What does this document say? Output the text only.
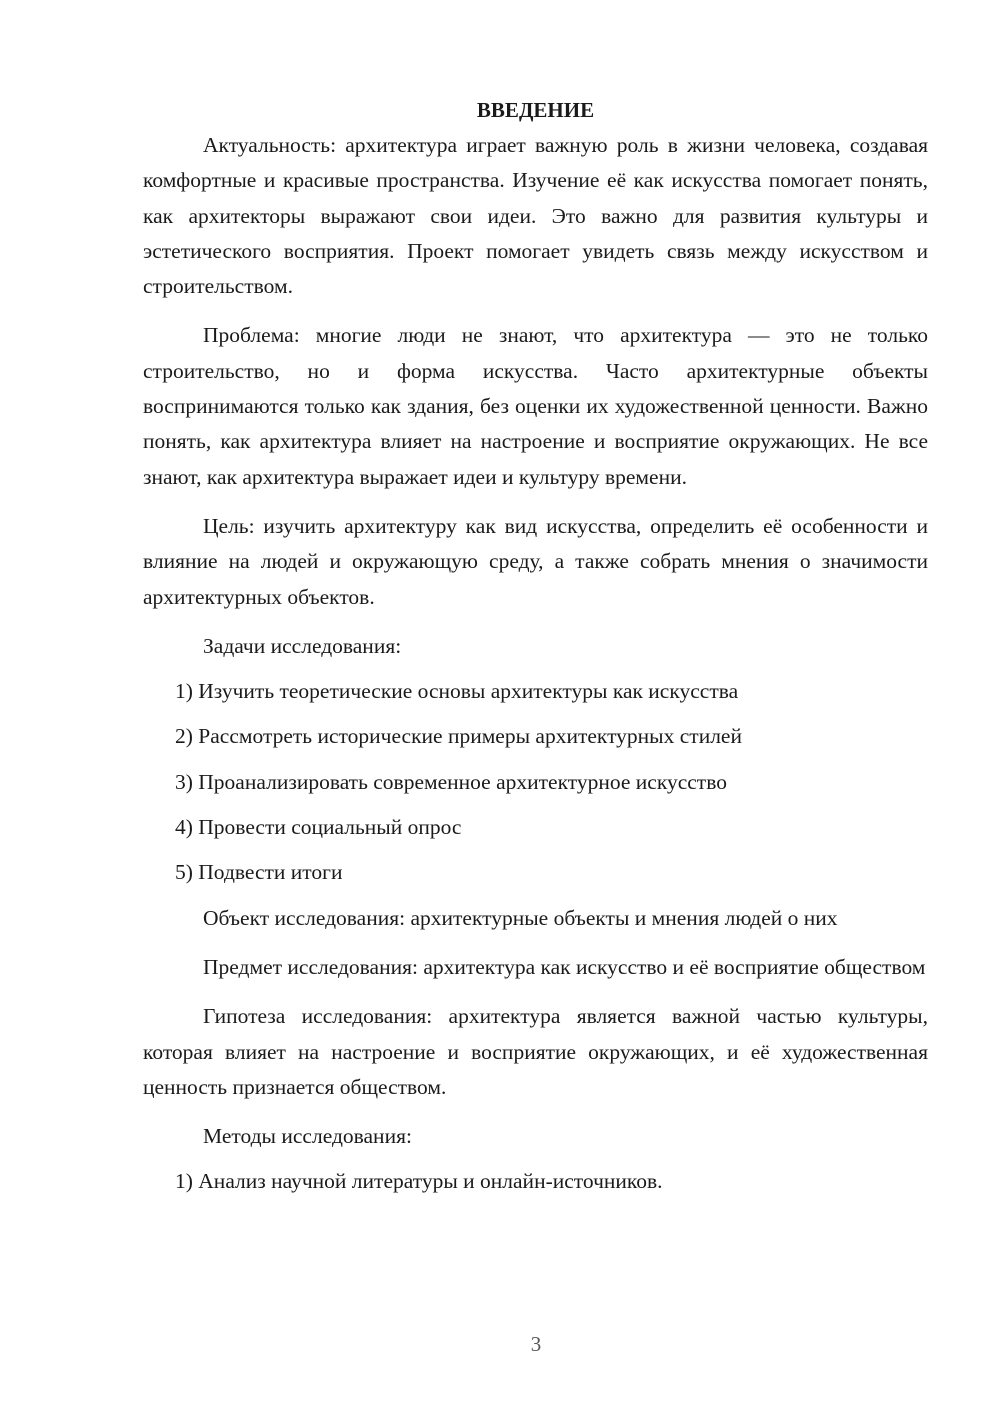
ВВЕДЕНИЕ

Актуальность: архитектура играет важную роль в жизни человека, создавая комфортные и красивые пространства. Изучение её как искусства помогает понять, как архитекторы выражают свои идеи. Это важно для развития культуры и эстетического восприятия. Проект помогает увидеть связь между искусством и строительством.

Проблема: многие люди не знают, что архитектура — это не только строительство, но и форма искусства. Часто архитектурные объекты воспринимаются только как здания, без оценки их художественной ценности. Важно понять, как архитектура влияет на настроение и восприятие окружающих. Не все знают, как архитектура выражает идеи и культуру времени.

Цель: изучить архитектуру как вид искусства, определить её особенности и влияние на людей и окружающую среду, а также собрать мнения о значимости архитектурных объектов.

Задачи исследования:

1) Изучить теоретические основы архитектуры как искусства
2) Рассмотреть исторические примеры архитектурных стилей
3) Проанализировать современное архитектурное искусство
4) Провести социальный опрос
5) Подвести итоги

Объект исследования: архитектурные объекты и мнения людей о них

Предмет исследования: архитектура как искусство и её восприятие обществом

Гипотеза исследования: архитектура является важной частью культуры, которая влияет на настроение и восприятие окружающих, и её художественная ценность признается обществом.

Методы исследования:

1) Анализ научной литературы и онлайн-источников.
3
